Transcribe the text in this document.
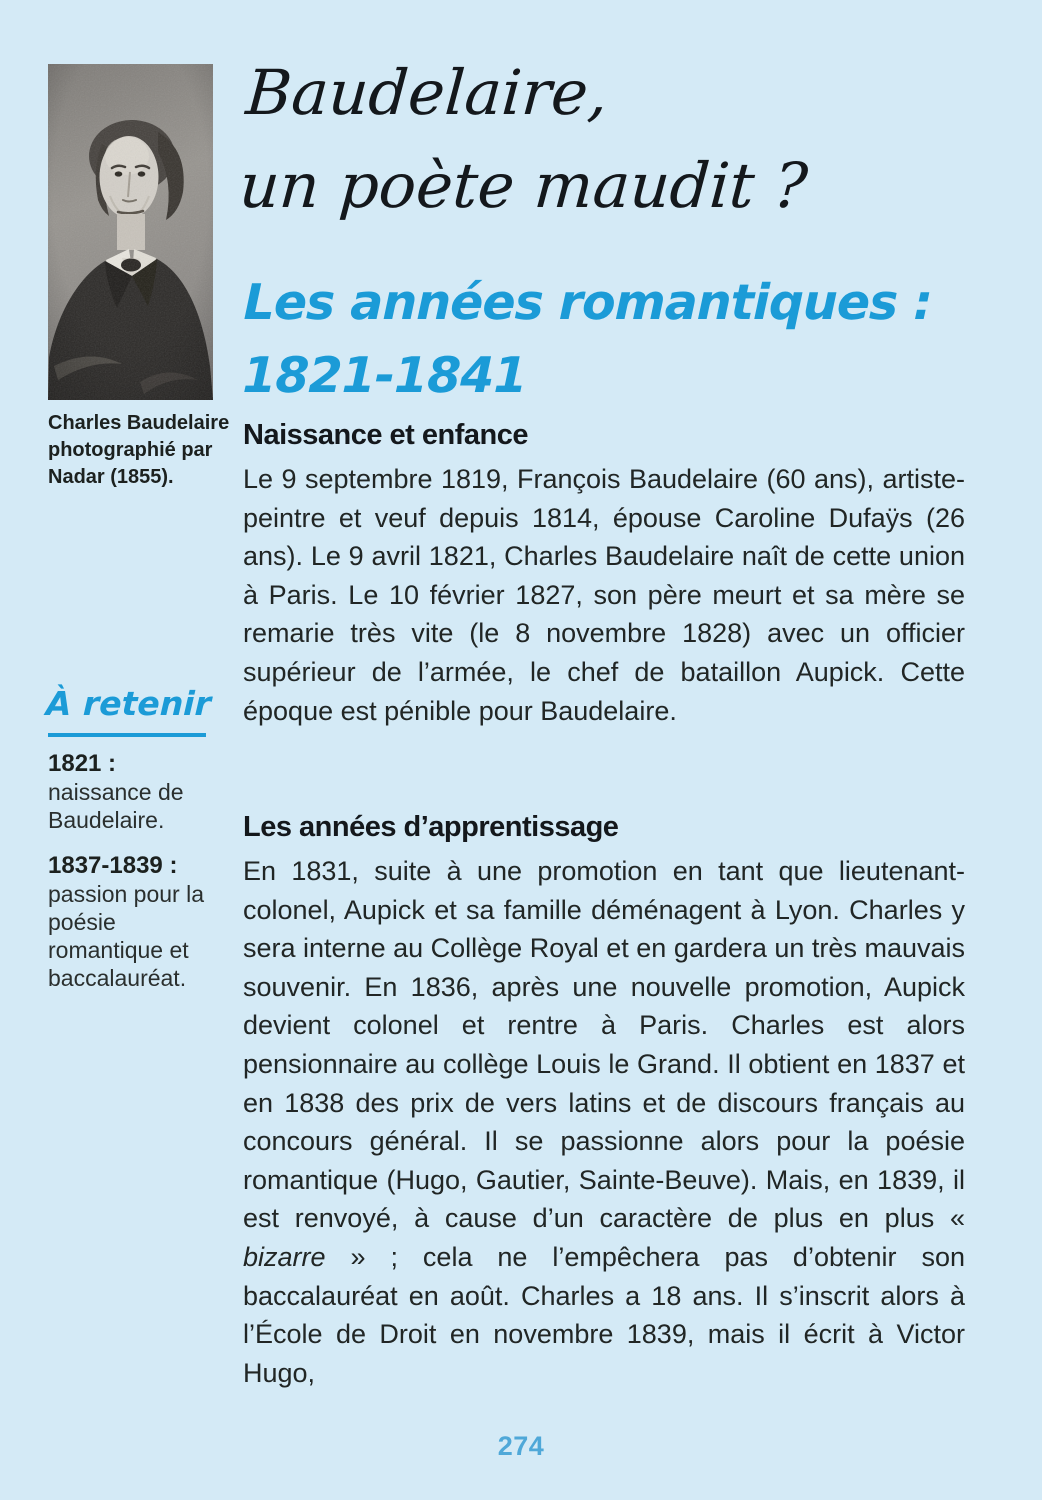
Charles Baudelaire photographié par Nadar (1855).
À retenir
1821 :
naissance de Baudelaire.
1837-1839 :
passion pour la poésie romantique et baccalauréat.
Baudelaire,
un poète maudit ?
Les années romantiques :
1821-1841
Naissance et enfance

Le 9 septembre 1819, François Baudelaire (60 ans), artiste-peintre et veuf depuis 1814, épouse Caroline Dufaÿs (26 ans). Le 9 avril 1821, Charles Baudelaire naît de cette union à Paris. Le 10 février 1827, son père meurt et sa mère se remarie très vite (le 8 novembre 1828) avec un officier supérieur de l’armée, le chef de bataillon Aupick. Cette époque est pénible pour Baudelaire.

Les années d’apprentissage

En 1831, suite à une promotion en tant que lieutenant-colonel, Aupick et sa famille déménagent à Lyon. Charles y sera interne au Collège Royal et en gardera un très mauvais souvenir. En 1836, après une nouvelle promotion, Aupick devient colonel et rentre à Paris. Charles est alors pensionnaire au collège Louis le Grand. Il obtient en 1837 et en 1838 des prix de vers latins et de discours français au concours général. Il se passionne alors pour la poésie romantique (Hugo, Gautier, Sainte-Beuve). Mais, en 1839, il est renvoyé, à cause d’un caractère de plus en plus « bizarre » ; cela ne l’empêchera pas d’obtenir son baccalauréat en août. Charles a 18 ans. Il s’inscrit alors à l’École de Droit en novembre 1839, mais il écrit à Victor Hugo,

274
